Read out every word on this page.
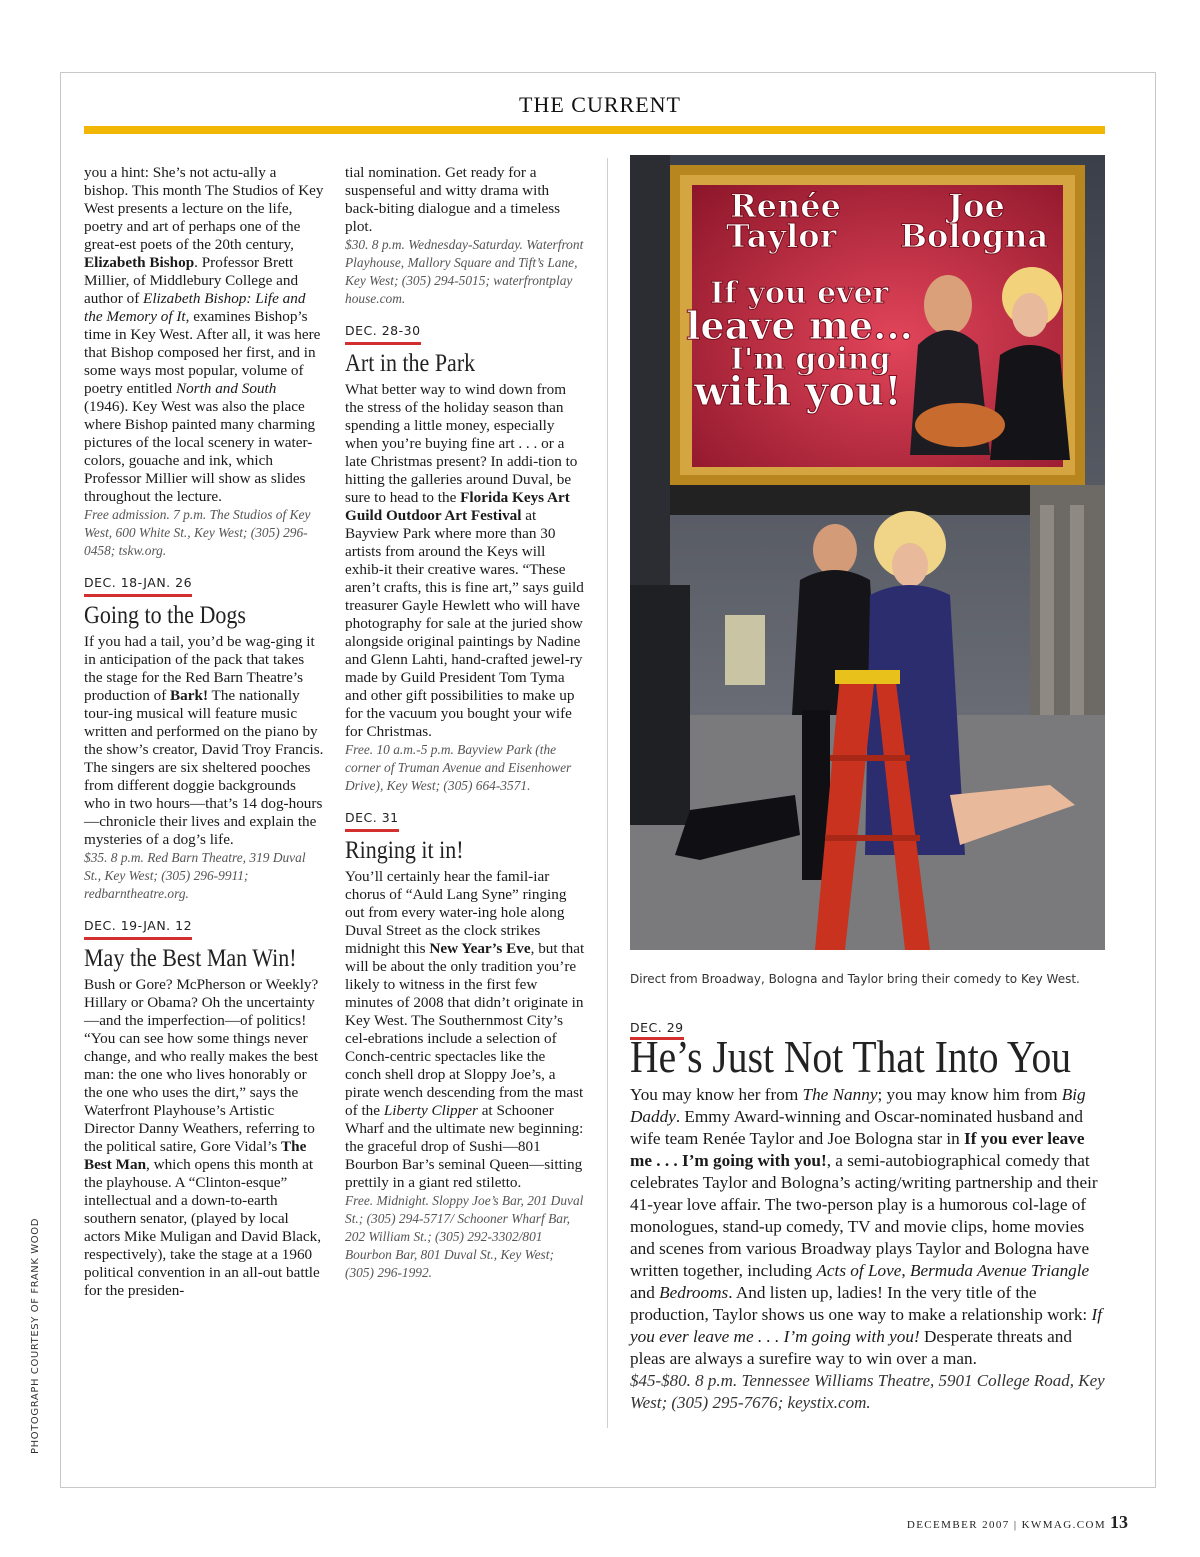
THE CURRENT

you a hint: She’s not actu-ally a bishop. This month The Studios of Key West presents a lecture on the life, poetry and art of perhaps one of the great-est poets of the 20th century, Elizabeth Bishop. Professor Brett Millier, of Middlebury College and author of Elizabeth Bishop: Life and the Memory of It, examines Bishop’s time in Key West. After all, it was here that Bishop composed her first, and in some ways most popular, volume of poetry entitled North and South (1946). Key West was also the place where Bishop painted many charming pictures of the local scenery in water-colors, gouache and ink, which Professor Millier will show as slides throughout the lecture.

Free admission. 7 p.m. The Studios of Key West, 600 White St., Key West; (305) 296-0458; tskw.org.

DEC. 18-JAN. 26
Going to the Dogs

If you had a tail, you’d be wag-ging it in anticipation of the pack that takes the stage for the Red Barn Theatre’s production of Bark! The nationally tour-ing musical will feature music written and performed on the piano by the show’s creator, David Troy Francis. The singers are six sheltered pooches from different doggie backgrounds who in two hours—that’s 14 dog-hours—chronicle their lives and explain the mysteries of a dog’s life.

$35. 8 p.m. Red Barn Theatre, 319 Duval St., Key West; (305) 296-9911; redbarntheatre.org.

DEC. 19-JAN. 12
May the Best Man Win!

Bush or Gore? McPherson or Weekly? Hillary or Obama? Oh the uncertainty—and the imperfection—of politics! “You can see how some things never change, and who really makes the best man: the one who lives honorably or the one who uses the dirt,” says the Waterfront Playhouse’s Artistic Director Danny Weathers, referring to the political satire, Gore Vidal’s The Best Man, which opens this month at the playhouse. A “Clinton-esque” intellectual and a down-to-earth southern senator, (played by local actors Mike Muligan and David Black, respectively), take the stage at a 1960 political convention in an all-out battle for the presiden-

tial nomination. Get ready for a suspenseful and witty drama with back-biting dialogue and a timeless plot.

$30. 8 p.m. Wednesday-Saturday. Waterfront Playhouse, Mallory Square and Tift’s Lane, Key West; (305) 294-5015; waterfrontplay house.com.

DEC. 28-30
Art in the Park

What better way to wind down from the stress of the holiday season than spending a little money, especially when you’re buying fine art . . . or a late Christmas present? In addi-tion to hitting the galleries around Duval, be sure to head to the Florida Keys Art Guild Outdoor Art Festival at Bayview Park where more than 30 artists from around the Keys will exhib-it their creative wares. “These aren’t crafts, this is fine art,” says guild treasurer Gayle Hewlett who will have photography for sale at the juried show alongside original paintings by Nadine and Glenn Lahti, hand-crafted jewel-ry made by Guild President Tom Tyma and other gift possibilities to make up for the vacuum you bought your wife for Christmas.

Free. 10 a.m.-5 p.m. Bayview Park (the corner of Truman Avenue and Eisenhower Drive), Key West; (305) 664-3571.

DEC. 31
Ringing it in!

You’ll certainly hear the famil-iar chorus of “Auld Lang Syne” ringing out from every water-ing hole along Duval Street as the clock strikes midnight this New Year’s Eve, but that will be about the only tradition you’re likely to witness in the first few minutes of 2008 that didn’t originate in Key West. The Southernmost City’s cel-ebrations include a selection of Conch-centric spectacles like the conch shell drop at Sloppy Joe’s, a pirate wench descending from the mast of the Liberty Clipper at Schooner Wharf and the ultimate new beginning: the graceful drop of Sushi—801 Bourbon Bar’s seminal Queen—sitting prettily in a giant red stiletto.

Free. Midnight. Sloppy Joe’s Bar, 201 Duval St.; (305) 294-5717/ Schooner Wharf Bar, 202 William St.; (305) 292-3302/801 Bourbon Bar, 801 Duval St., Key West; (305) 296-1992.

Renée
Taylor
Joe
Bologna
If you ever
leave me...
I'm going
with you!
Direct from Broadway, Bologna and Taylor bring their comedy to Key West.
DEC. 29
He’s Just Not That Into You

You may know her from The Nanny; you may know him from Big Daddy. Emmy Award-winning and Oscar-nominated husband and wife team Renée Taylor and Joe Bologna star in If you ever leave me . . . I’m going with you!, a semi-autobiographical comedy that celebrates Taylor and Bologna’s acting/writing partnership and their 41-year love affair. The two-person play is a humorous col-lage of monologues, stand-up comedy, TV and movie clips, home movies and scenes from various Broadway plays Taylor and Bologna have written together, including Acts of Love, Bermuda Avenue Triangle and Bedrooms. And listen up, ladies! In the very title of the production, Taylor shows us one way to make a relationship work: If you ever leave me . . . I’m going with you! Desperate threats and pleas are always a surefire way to win over a man.

$45-$80. 8 p.m. Tennessee Williams Theatre, 5901 College Road, Key West; (305) 295-7676; keystix.com.

PHOTOGRAPH COURTESY OF FRANK WOOD
DECEMBER 2007 | KWMAG.COM 13
